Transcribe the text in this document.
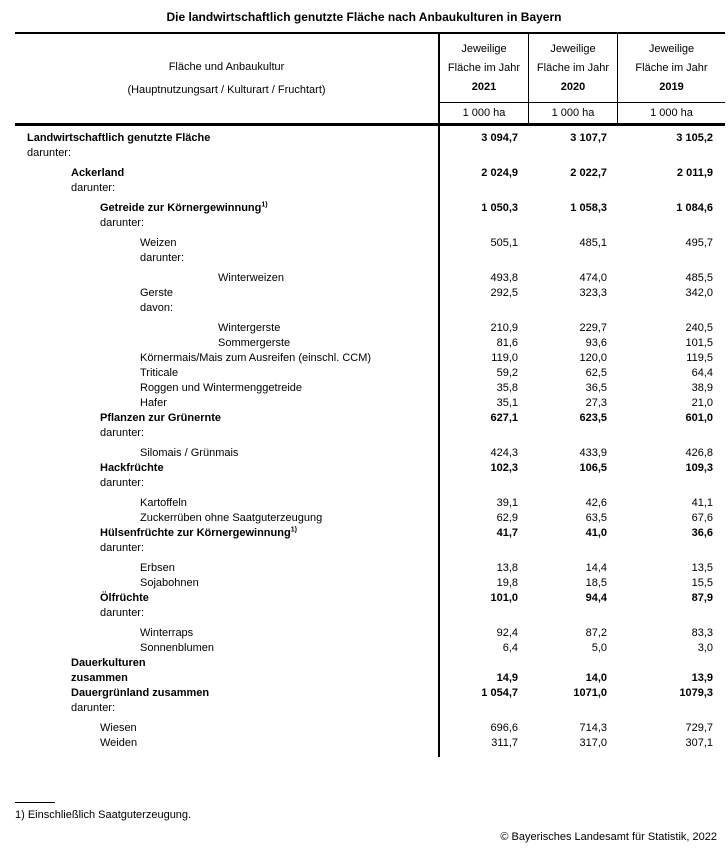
Die landwirtschaftlich genutzte Fläche nach Anbaukulturen in Bayern
Fläche und Anbaukultur
(Hauptnutzungsart / Kulturart / Fruchtart)
Jeweilige
Fläche im Jahr
2021
1 000 ha
Jeweilige
Fläche im Jahr
2020
1 000 ha
Jeweilige
Fläche im Jahr
2019
1 000 ha
Landwirtschaftlich genutzte Fläche	3 094,7	3 107,7	3 105,2
darunter:
Ackerland	2 024,9	2 022,7	2 011,9
darunter:
Getreide zur Körnergewinnung$^{1)}$	1 050,3	1 058,3	1 084,6
darunter:
Weizen	505,1	485,1	495,7
darunter:
Winterweizen	493,8	474,0	485,5
Gerste	292,5	323,3	342,0
davon:
Wintergerste	210,9	229,7	240,5
Sommergerste	81,6	93,6	101,5
Körnermais/Mais zum Ausreifen (einschl. CCM)	119,0	120,0	119,5
Triticale	59,2	62,5	64,4
Roggen und Wintermenggetreide	35,8	36,5	38,9
Hafer	35,1	27,3	21,0
Pflanzen zur Grünernte	627,1	623,5	601,0
darunter:
Silomais / Grünmais	424,3	433,9	426,8
Hackfrüchte	102,3	106,5	109,3
darunter:
Kartoffeln	39,1	42,6	41,1
Zuckerrüben ohne Saatguterzeugung	62,9	63,5	67,6
Hülsenfrüchte zur Körnergewinnung$^{1)}$	41,7	41,0	36,6
darunter:
Erbsen	13,8	14,4	13,5
Sojabohnen	19,8	18,5	15,5
Ölfrüchte	101,0	94,4	87,9
darunter:
Winterraps	92,4	87,2	83,3
Sonnenblumen	6,4	5,0	3,0
Dauerkulturen
zusammen	14,9	14,0	13,9
Dauergrünland zusammen	1 054,7	1071,0	1079,3
darunter:
Wiesen	696,6	714,3	729,7
Weiden	311,7	317,0	307,1
1) Einschließlich Saatguterzeugung.
© Bayerisches Landesamt für Statistik, 2022
